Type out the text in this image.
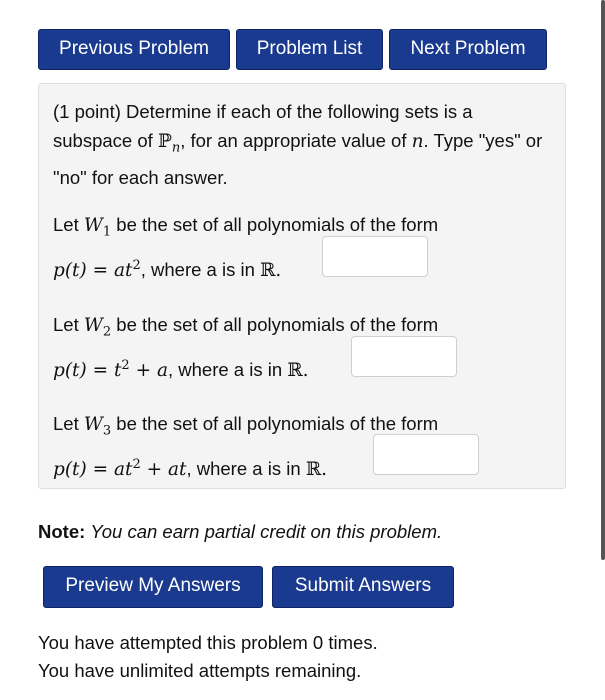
Previous Problem	Problem List	Next Problem
(1 point) Determine if each of the following sets is a subspace of ℙ$_n$, for an appropriate value of n. Type "yes" or "no" for each answer.
Let $W_1$ be the set of all polynomials of the form
$p(t) = at^2$, where a is in ℝ.
Let $W_2$ be the set of all polynomials of the form
$p(t) = t^2 + a$, where a is in ℝ.
Let $W_3$ be the set of all polynomials of the form
$p(t) = at^2$ + at, where a is in ℝ.
Note: You can earn partial credit on this problem.
Preview My Answers	Submit Answers
You have attempted this problem 0 times.
You have unlimited attempts remaining.
